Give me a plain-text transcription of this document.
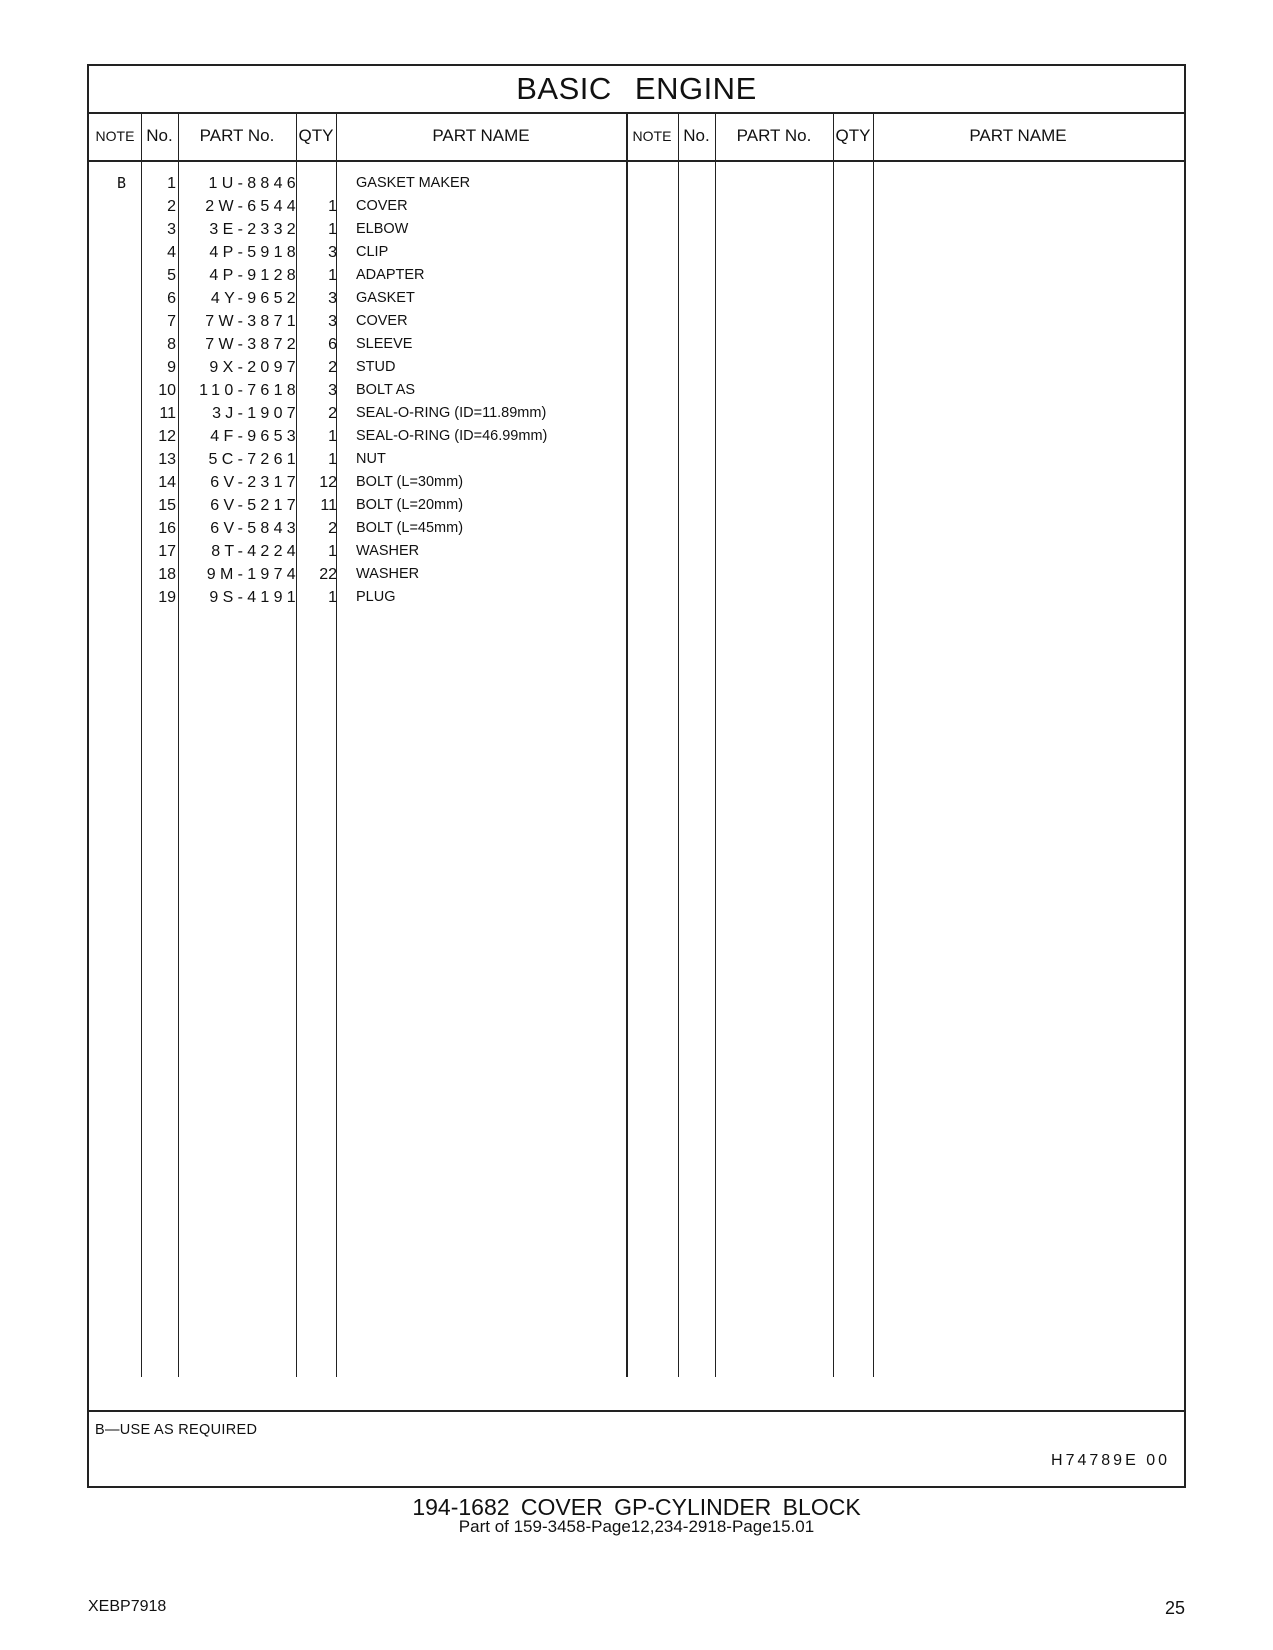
BASIC ENGINE
NOTE No.	PART No.	QTY	PART NAME	NOTE No.	PART No.	QTY	PART NAME
B	1	1U-8846	GASKET MAKER
2	2W-6544	1 COVER
3	3E-2332	1 ELBOW
4	4P-5918	3 CLIP
5	4P-9128	1 ADAPTER
6	4Y-9652	3 GASKET
7	7W-3871	3 COVER
8	7W-3872	6 SLEEVE
9	9X-2097	2 STUD
10	110-7618	3 BOLT AS
11	3J-1907	2 SEAL-O-RING (ID=11.89mm)
12	4F-9653	1 SEAL-O-RING (ID=46.99mm)
13	5C-7261	1 NUT
14	6V-2317	12 BOLT (L=30mm)
15	6V-5217	11 BOLT (L=20mm)
16	6V-5843	2 BOLT (L=45mm)
17	8T-4224	1 WASHER
18	9M-1974	22 WASHER
19	9S-4191	1 PLUG
B—USE AS REQUIRED
H74789E 00
194-1682 COVER GP-CYLINDER BLOCK
Part of 159-3458-Page12,234-2918-Page15.01
XEBP7918	25
